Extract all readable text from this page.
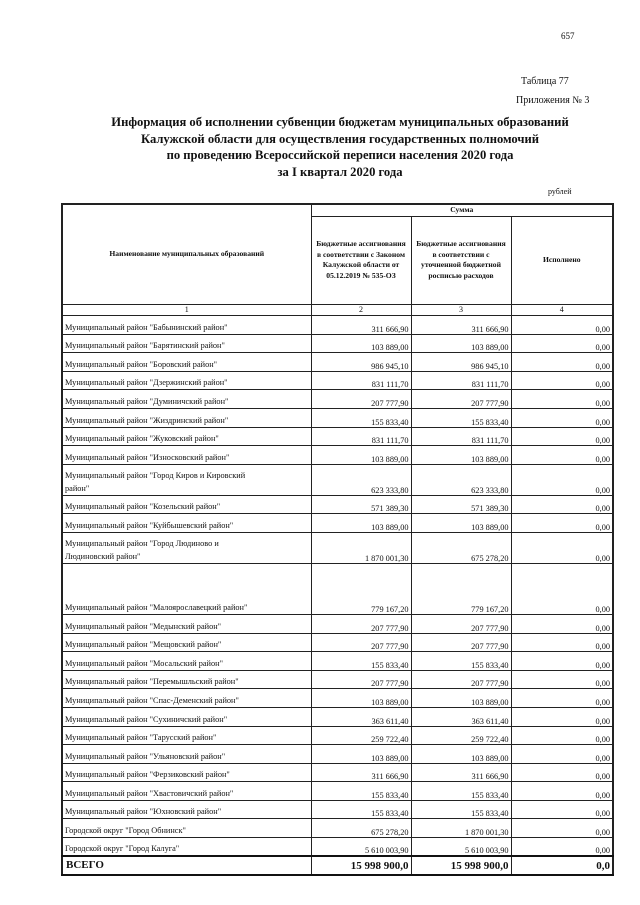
657
Таблица 77
Приложения № 3
Информация об исполнении субвенции бюджетам муниципальных образований
Калужской области для осуществления государственных полномочий
по проведению Всероссийской переписи населения 2020 года
за I квартал 2020 года
рублей
Наименование муниципальных образований	Сумма		
	Бюджетные ассигнования в соответствии с Законом Калужской области от 05.12.2019 № 535-ОЗ	Бюджетные ассигнования в соответствии с уточненной бюджетной росписью расходов	Исполнено
1	2	3	4
Муниципальный район "Бабынинский район"	311 666,90	311 666,90	0,00
Муниципальный район "Барятинский район"	103 889,00	103 889,00	0,00
Муниципальный район "Боровский район"	986 945,10	986 945,10	0,00
Муниципальный район "Дзержинский район"	831 111,70	831 111,70	0,00
Муниципальный район "Думиничский район"	207 777,90	207 777,90	0,00
Муниципальный район "Жиздринский район"	155 833,40	155 833,40	0,00
Муниципальный район "Жуковский район"	831 111,70	831 111,70	0,00
Муниципальный район "Износковский район"	103 889,00	103 889,00	0,00

Муниципальный район "Город Киров и Кировский
район"	623 333,80	623 333,80	0,00
Муниципальный район "Козельский район"	571 389,30	571 389,30	0,00
Муниципальный район "Куйбышевский район"	103 889,00	103 889,00	0,00

Муниципальный район "Город Людиново и
Людиновский район"	1 870 001,30	675 278,20	0,00
Муниципальный район "Малоярославецкий район"	779 167,20	779 167,20	0,00
Муниципальный район "Медынский район"	207 777,90	207 777,90	0,00
Муниципальный район "Мещовский район"	207 777,90	207 777,90	0,00
Муниципальный район "Мосальский район"	155 833,40	155 833,40	0,00
Муниципальный район "Перемышльский район"	207 777,90	207 777,90	0,00
Муниципальный район "Спас-Деменский район"	103 889,00	103 889,00	0,00
Муниципальный район "Сухиничский район"	363 611,40	363 611,40	0,00
Муниципальный район "Тарусский район"	259 722,40	259 722,40	0,00
Муниципальный район "Ульяновский район"	103 889,00	103 889,00	0,00
Муниципальный район "Ферзиковский район"	311 666,90	311 666,90	0,00
Муниципальный район "Хвастовичский район"	155 833,40	155 833,40	0,00
Муниципальный район "Юхновский район"	155 833,40	155 833,40	0,00
Городской округ "Город Обнинск"	675 278,20	1 870 001,30	0,00
Городской округ "Город Калуга"	5 610 003,90	5 610 003,90	0,00
ВСЕГО	15 998 900,0	15 998 900,0	0,0
